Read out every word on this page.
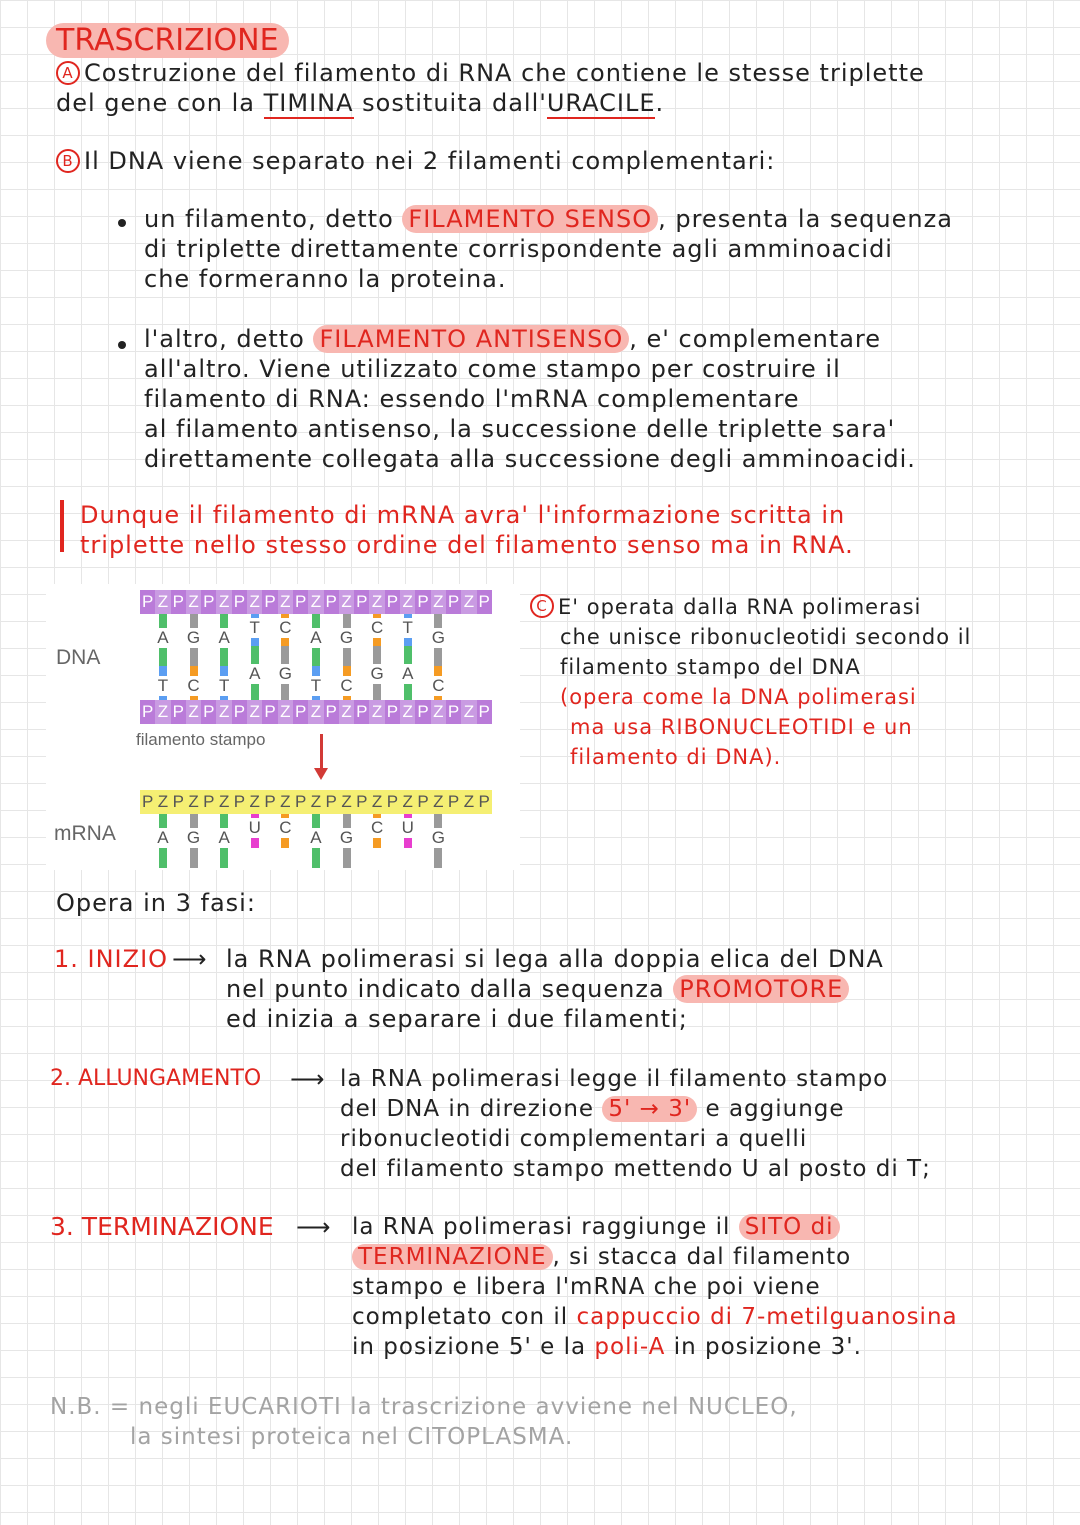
TRASCRIZIONE
A Costruzione del filamento di RNA che contiene le stesse triplette
del gene con la TIMINA sostituita dall'URACILE.
B Il DNA viene separato nei 2 filamenti complementari:
un filamento, detto FILAMENTO SENSO , presenta la sequenza
di triplette direttamente corrispondente agli amminoacidi
che formeranno la proteina.
l'altro, detto FILAMENTO ANTISENSO , e' complementare
all'altro. Viene utilizzato come stampo per costruire il
filamento di RNA: essendo l'mRNA complementare
al filamento antisenso, la successione delle triplette sara'
direttamente collegata alla successione degli amminoacidi.
Dunque il filamento di mRNA avra' l'informazione scritta in
triplette nello stesso ordine del filamento senso ma in RNA.
DNA
mRNA
P Z P Z P Z P Z P Z P Z P Z P Z P Z P Z P Z P
P Z P Z P Z P Z P Z P Z P Z P Z P Z P Z P Z P
filamento stampo
P Z P Z P Z P Z P Z P Z P Z P Z P Z P Z P Z P
A G A
T C
A G
C T
G
T C T
A G
T C
G A
C
A G A
U C
A G
C U
G
C E' operata dalla RNA polimerasi
che unisce ribonucleotidi secondo il
filamento stampo del DNA
(opera come la DNA polimerasi
ma usa RIBONUCLEOTIDI e un
filamento di DNA).
Opera in 3 fasi:
1. INIZIO ⟶ la RNA polimerasi si lega alla doppia elica del DNA
nel punto indicato dalla sequenza PROMOTORE
ed inizia a separare i due filamenti;
2. ALLUNGAMENTO ⟶ la RNA polimerasi legge il filamento stampo
del DNA in direzione 5' → 3' e aggiunge
ribonucleotidi complementari a quelli
del filamento stampo mettendo U al posto di T;
3. TERMINAZIONE ⟶ la RNA polimerasi raggiunge il SITO di
TERMINAZIONE , si stacca dal filamento
stampo e libera l'mRNA che poi viene
completato con il cappuccio di 7-metilguanosina
in posizione 5' e la poli-A in posizione 3'.
N.B. = negli EUCARIOTI la trascrizione avviene nel NUCLEO,
la sintesi proteica nel CITOPLASMA.
